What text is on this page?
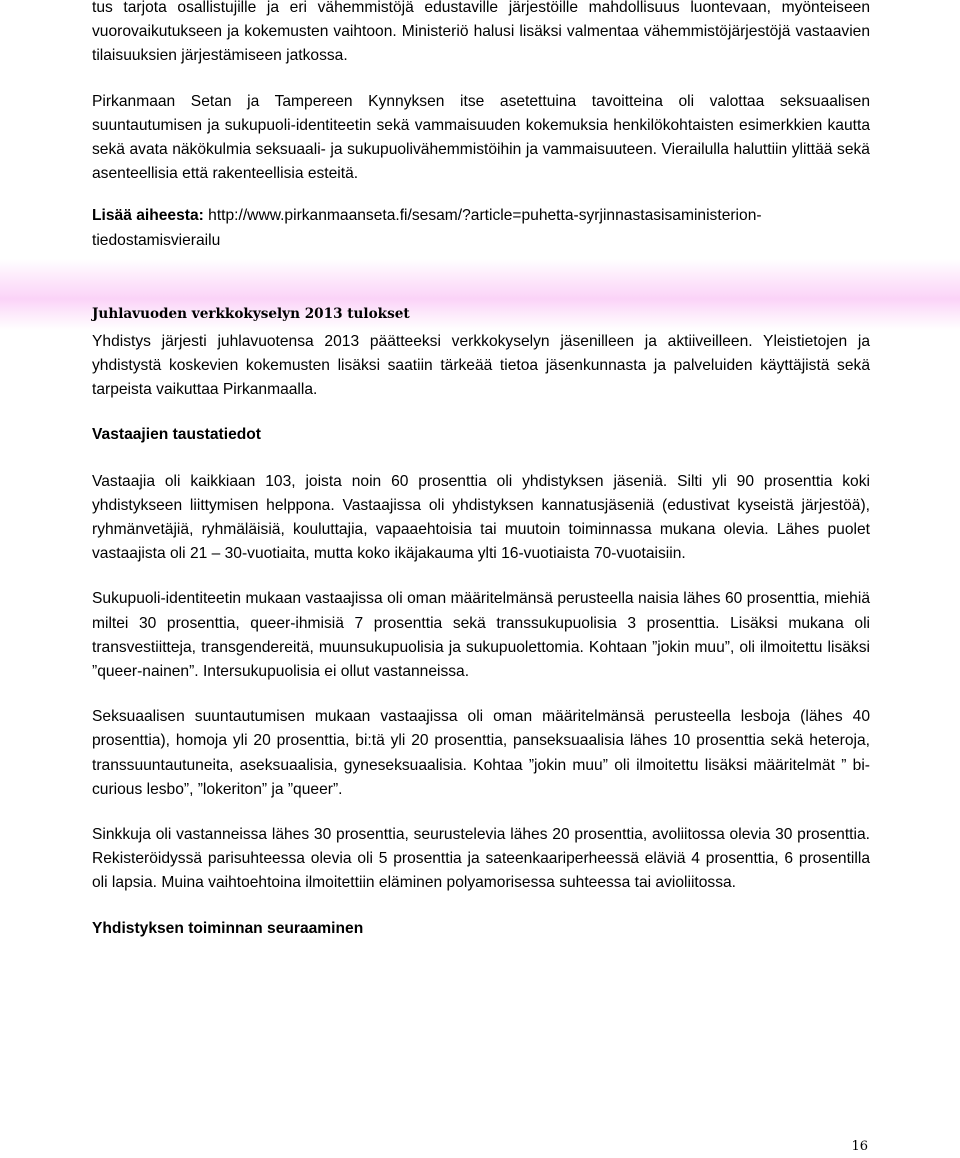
tus tarjota osallistujille ja eri vähemmistöjä edustaville järjestöille mahdollisuus luontevaan, myönteiseen vuorovaikutukseen ja kokemusten vaihtoon. Ministeriö halusi lisäksi valmentaa vähemmistöjärjestöjä vastaavien tilaisuuksien järjestämiseen jatkossa.

Pirkanmaan Setan ja Tampereen Kynnyksen itse asetettuina tavoitteina oli valottaa seksuaalisen suuntautumisen ja sukupuoli-identiteetin sekä vammaisuuden kokemuksia henkilökohtaisten esimerkkien kautta sekä avata näkökulmia seksuaali- ja sukupuolivähemmistöihin ja vammaisuuteen. Vierailulla haluttiin ylittää sekä asenteellisia että rakenteellisia esteitä.

Lisää aiheesta: http://www.pirkanmaanseta.fi/sesam/?article=puhetta-syrjinnastasisaministerion-tiedostamisvierailu

Juhlavuoden verkkokyselyn 2013 tulokset

Yhdistys järjesti juhlavuotensa 2013 päätteeksi verkkokyselyn jäsenilleen ja aktiiveilleen. Yleistietojen ja yhdistystä koskevien kokemusten lisäksi saatiin tärkeää tietoa jäsenkunnasta ja palveluiden käyttäjistä sekä tarpeista vaikuttaa Pirkanmaalla.

Vastaajien taustatiedot

Vastaajia oli kaikkiaan 103, joista noin 60 prosenttia oli yhdistyksen jäseniä. Silti yli 90 prosenttia koki yhdistykseen liittymisen helppona. Vastaajissa oli yhdistyksen kannatusjäseniä (edustivat kyseistä järjestöä), ryhmänvetäjiä, ryhmäläisiä, kouluttajia, vapaaehtoisia tai muutoin toiminnassa mukana olevia. Lähes puolet vastaajista oli 21 – 30-vuotiaita, mutta koko ikäjakauma ylti 16-vuotiaista 70-vuotaisiin.

Sukupuoli-identiteetin mukaan vastaajissa oli oman määritelmänsä perusteella naisia lähes 60 prosenttia, miehiä miltei 30 prosenttia, queer-ihmisiä 7 prosenttia sekä transsukupuolisia 3 prosenttia. Lisäksi mukana oli transvestiitteja, transgendereitä, muunsukupuolisia ja sukupuolettomia. Kohtaan ”jokin muu”, oli ilmoitettu lisäksi ”queer-nainen”. Intersukupuolisia ei ollut vastanneissa.

Seksuaalisen suuntautumisen mukaan vastaajissa oli oman määritelmänsä perusteella lesboja (lähes 40 prosenttia), homoja yli 20 prosenttia, bi:tä yli 20 prosenttia, panseksuaalisia lähes 10 prosenttia sekä heteroja, transsuuntautuneita, aseksuaalisia, gyneseksuaalisia. Kohtaa ”jokin muu” oli ilmoitettu lisäksi määritelmät ” bi-curious lesbo”, ”lokeriton” ja ”queer”.

Sinkkuja oli vastanneissa lähes 30 prosenttia, seurustelevia lähes 20 prosenttia, avoliitossa olevia 30 prosenttia. Rekisteröidyssä parisuhteessa olevia oli 5 prosenttia ja sateenkaariperheessä eläviä 4 prosenttia, 6 prosentilla oli lapsia. Muina vaihtoehtoina ilmoitettiin eläminen polyamorisessa suhteessa tai avioliitossa.

Yhdistyksen toiminnan seuraaminen
16
